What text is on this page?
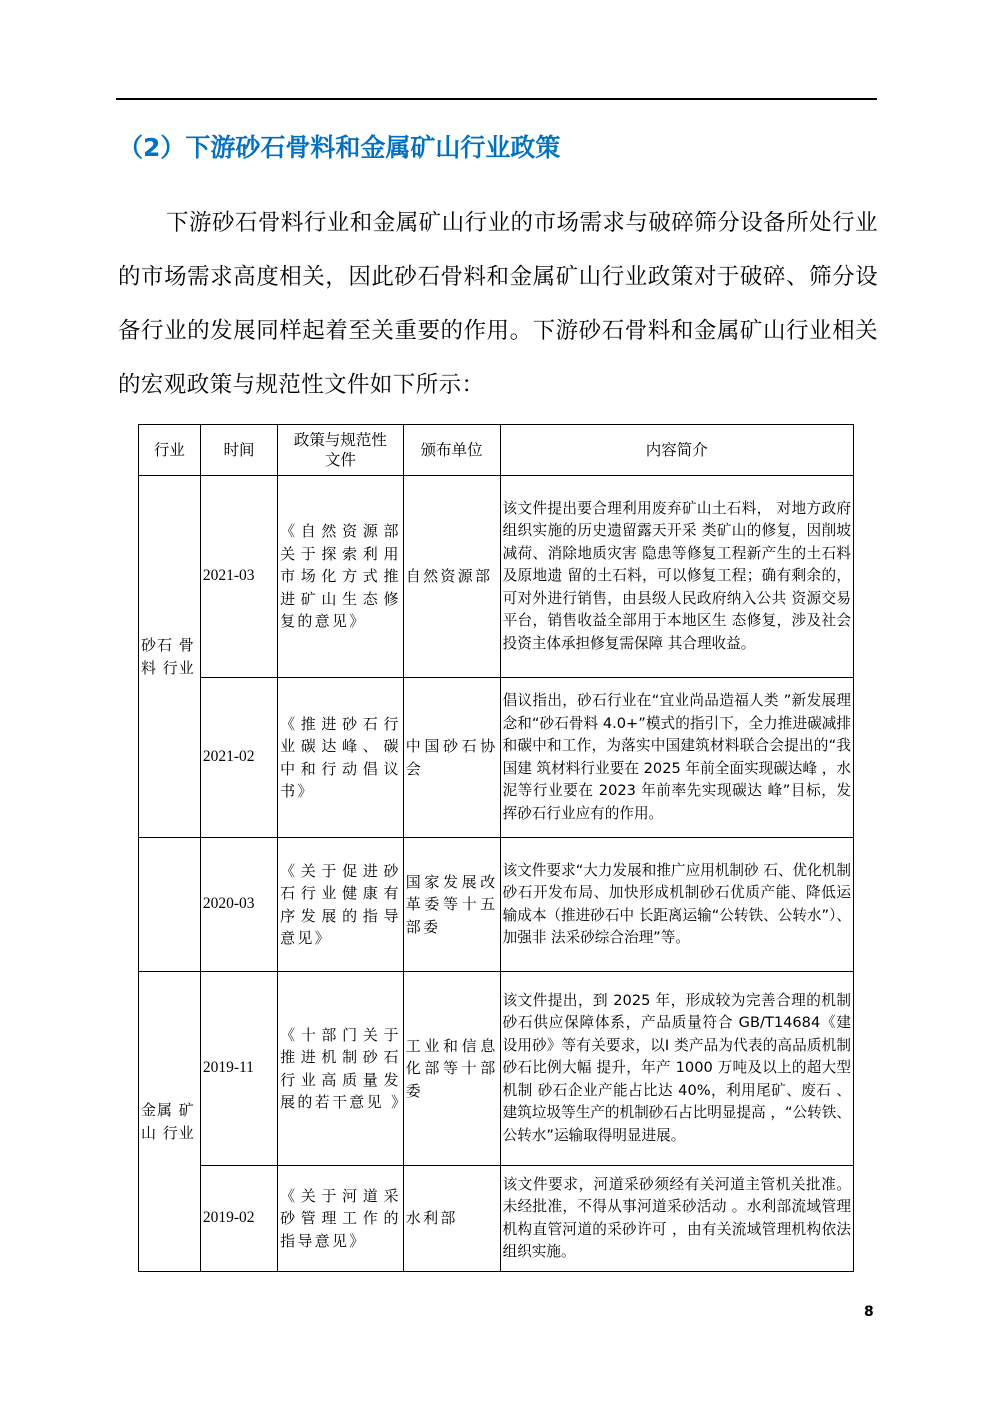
（2）下游砂石骨料和金属矿山行业政策

下游砂石骨料行业和金属矿山行业的市场需求与破碎筛分设备所处行业的市场需求高度相关，因此砂石骨料和金属矿山行业政策对于破碎、筛分设备行业的发展同样起着至关重要的作用。下游砂石骨料和金属矿山行业相关的宏观政策与规范性文件如下所示：

行业	时间	政策与规范性文件	颁布单位	内容简介
砂石 骨料 行业	2021-03	《自然资源部关于探索利用市场化方式推进矿山生态修复的意见》	自然资源部	该文件提出要合理利用废弃矿山土石料， 对地方政府组织实施的历史遗留露天开采 类矿山的修复，因削坡减荷、消除地质灾害 隐患等修复工程新产生的土石料及原地遗 留的土石料，可以修复工程；确有剩余的， 可对外进行销售，由县级人民政府纳入公共 资源交易平台，销售收益全部用于本地区生 态修复，涉及社会投资主体承担修复需保障 其合理收益。
	2021-02	《推进砂石行业碳达峰、碳中和行动倡议书》	中国砂石协会	倡议指出，砂石行业在“宜业尚品造福人类 ”新发展理念和“砂石骨料 4.0+”模式的指引下，全力推进碳减排和碳中和工作，为落实中国建筑材料联合会提出的“我国建 筑材料行业要在 2025 年前全面实现碳达峰 ，水泥等行业要在 2023 年前率先实现碳达 峰”目标，发挥砂石行业应有的作用。
	2020-03	《关于促进砂石行业健康有序发展的指导 意见》	国家发展改革委等十五部委	该文件要求“大力发展和推广应用机制砂 石、优化机制砂石开发布局、加快形成机制砂石优质产能、降低运输成本（推进砂石中 长距离运输“公转铁、公转水”）、加强非 法采砂综合治理”等。
金属 矿山 行业	2019-11	《十部门关于推进机制砂石行业高质量发展的若干意见 》	工业和信息化部等十部委	该文件提出，到 2025 年，形成较为完善合理的机制砂石供应保障体系，产品质量符合 GB/T14684《建设用砂》等有关要求，以Ⅰ 类产品为代表的高品质机制砂石比例大幅 提升，年产 1000 万吨及以上的超大型机制 砂石企业产能占比达 40%，利用尾矿、废石 、建筑垃圾等生产的机制砂石占比明显提高 ，“公转铁、公转水”运输取得明显进展。
	2019-02	《关于河道采砂管理工作的指导意见》	水利部	该文件要求，河道采砂须经有关河道主管机关批准。未经批准，不得从事河道采砂活动 。水利部流域管理机构直管河道的采砂许可 ，由有关流域管理机构依法组织实施。
8
